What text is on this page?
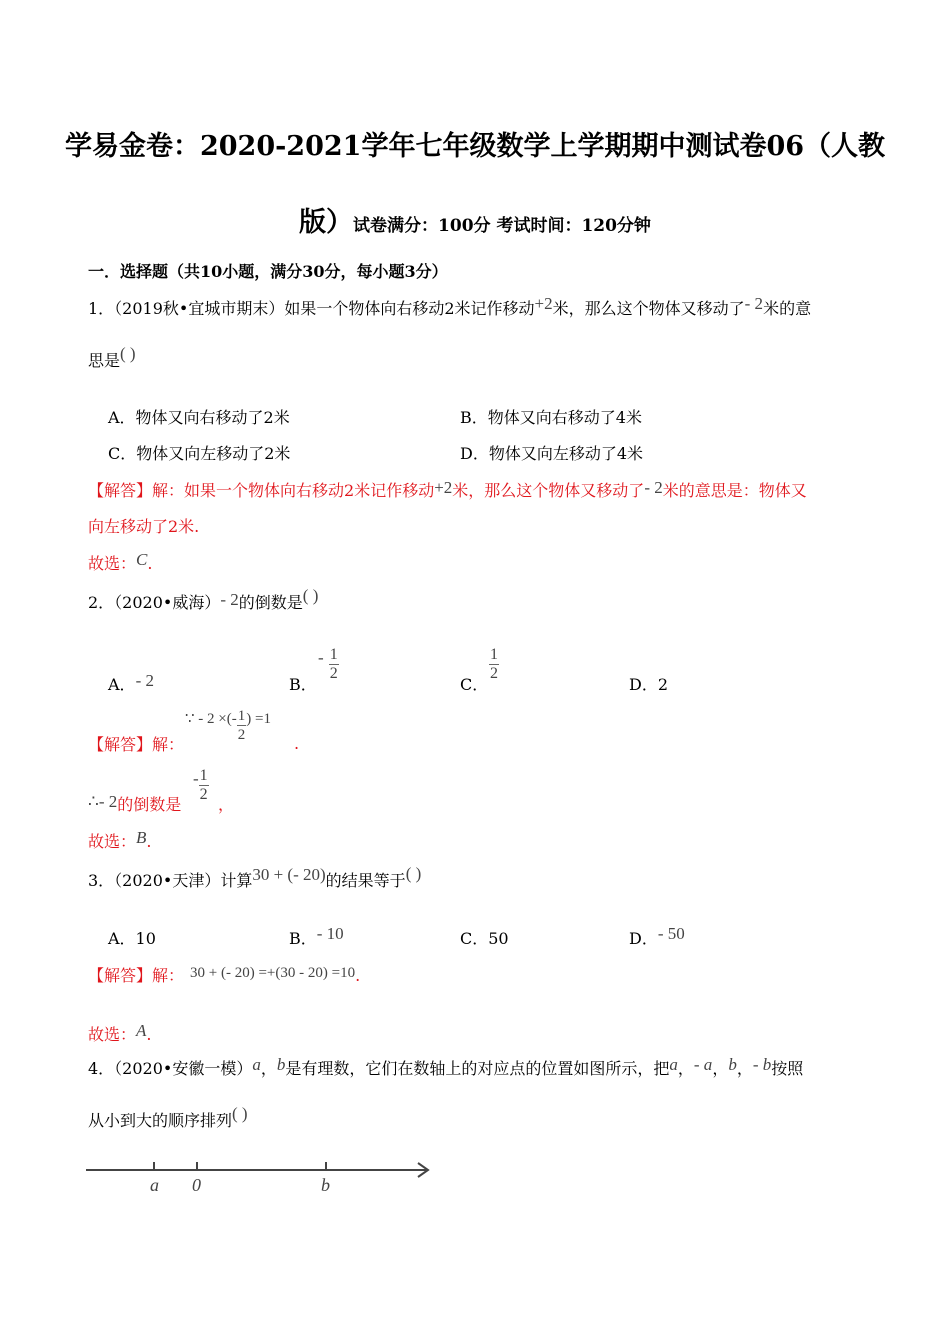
学易金卷：2020-2021学年七年级数学上学期期中测试卷06（人教
版）试卷满分：100分 考试时间：120分钟
一．选择题（共10小题，满分30分，每小题3分）
1．（2019秋•宜城市期末）如果一个物体向右移动2米记作移动+2米，那么这个物体又移动了- 2米的意
思是( )
A．物体又向右移动了2米	B．物体又向右移动了4米
C．物体又向左移动了2米	D．物体又向左移动了4米
【解答】解：如果一个物体向右移动2米记作移动+2米，那么这个物体又移动了- 2米的意思是：物体又
向左移动了2米.
故选：C.
2．（2020•威海）- 2的倒数是( )
A．- 2	B．
- $\frac{1}{2}$
C．
$\frac{1}{2}$
D．2
【解答】解：
∵ - 2 ×(- $\frac{1}{2}$ ) =1
.
∴- 2的倒数是
- $\frac{1}{2}$
，
故选：B.
3．（2020•天津）计算30 + (- 20)的结果等于( )
A．10	B．- 10	C．50	D．- 50
【解答】解： 30 + (- 20) =+(30 - 20) =10.
故选：A.
4．（2020•安徽一模）a，b是有理数，它们在数轴上的对应点的位置如图所示，把a，- a，b，- b按照
从小到大的顺序排列( )
a 0	b
